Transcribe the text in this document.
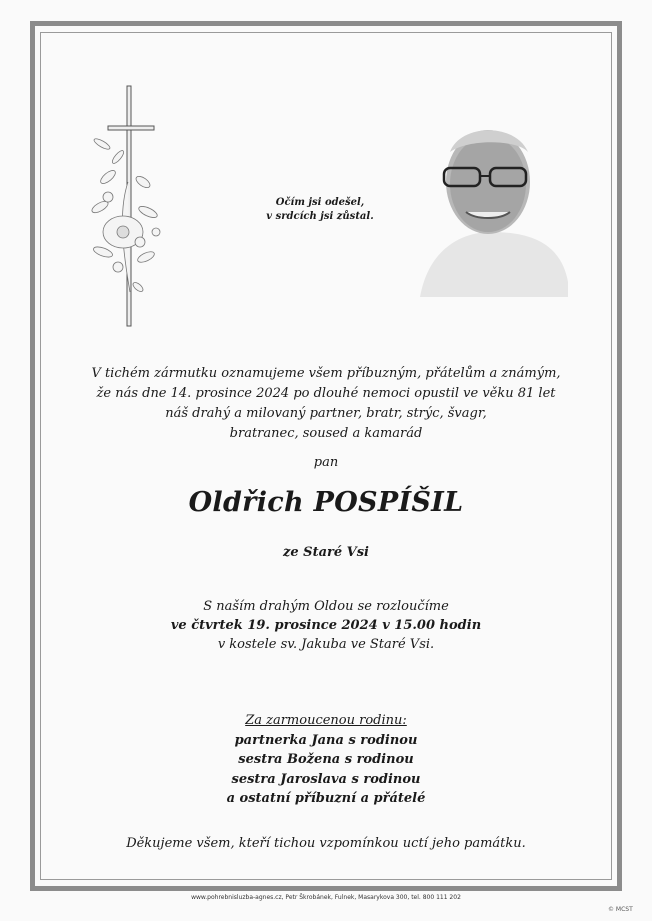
Očím jsi odešel,
v srdcích jsi zůstal.
V tichém zármutku oznamujeme všem příbuzným, přátelům a známým,
že nás dne 14. prosince 2024 po dlouhé nemoci opustil ve věku 81 let
náš drahý a milovaný partner, bratr, strýc, švagr,
bratranec, soused a kamarád
pan
Oldřich POSPÍŠIL
ze Staré Vsi
S naším drahým Oldou se rozloučíme
ve čtvrtek 19. prosince 2024 v 15.00 hodin
v kostele sv. Jakuba ve Staré Vsi.
Za zarmoucenou rodinu:
partnerka Jana s rodinou
sestra Božena s rodinou
sestra Jaroslava s rodinou
a ostatní příbuzní a přátelé
Děkujeme všem, kteří tichou vzpomínkou uctí jeho památku.
www.pohrebnisluzba-agnes.cz, Petr Škrobánek, Fulnek, Masarykova 300, tel. 800 111 202
© MCST
